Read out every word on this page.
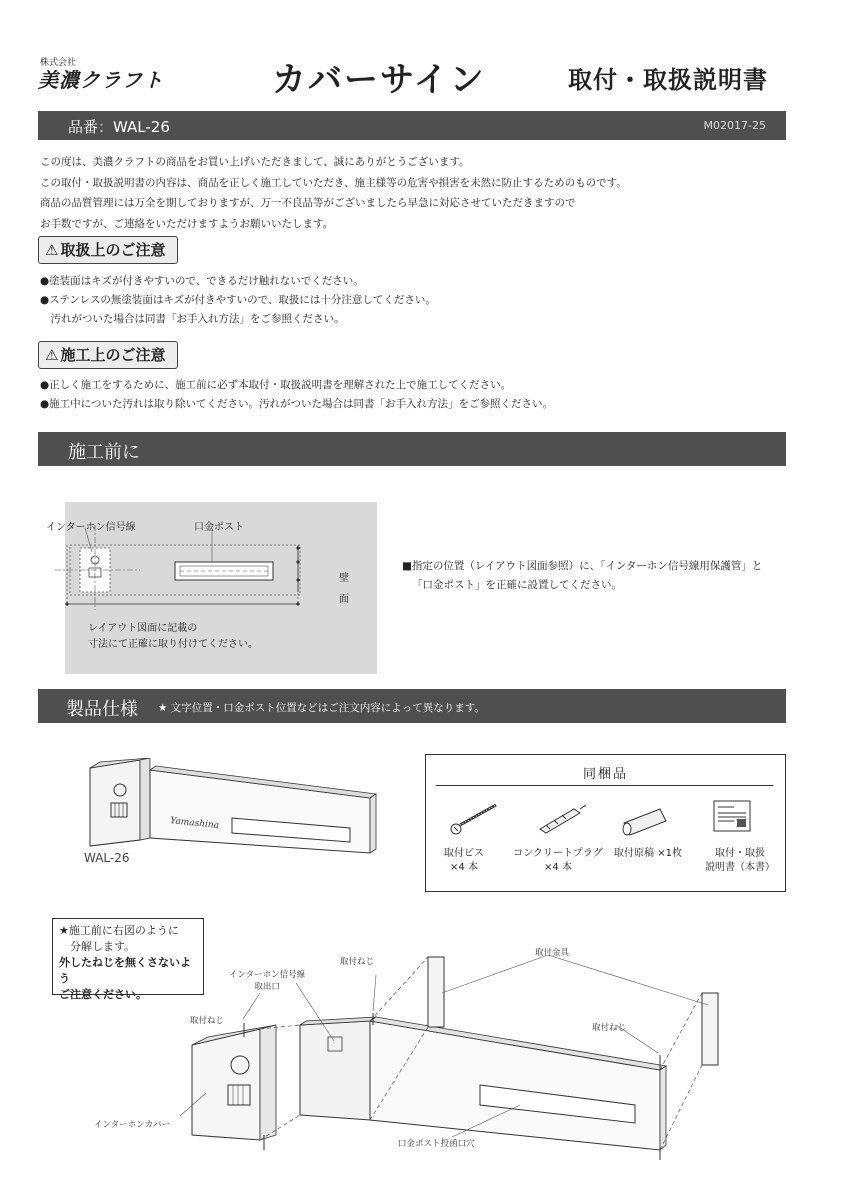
株式会社
美濃クラフト	カバーサイン	取付・取扱説明書
品番：WAL-26	M02017-25
この度は、美濃クラフトの商品をお買い上げいただきまして、誠にありがとうございます。
この取付・取扱説明書の内容は、商品を正しく施工していただき、施主様等の危害や損害を未然に防止するためのものです。
商品の品質管理には万全を期しておりますが、万一不良品等がございましたら早急に対応させていただきますので
お手数ですが、ご連絡をいただけますようお願いいたします。
⚠ 取扱上のご注意
●塗装面はキズが付きやすいので、できるだけ触れないでください。
●ステンレスの無塗装面はキズが付きやすいので、取扱には十分注意してください。
　汚れがついた場合は同書「お手入れ方法」をご参照ください。
⚠ 施工上のご注意
●正しく施工をするために、施工前に必ず本取付・取扱説明書を理解された上で施工してください。
●施工中についた汚れは取り除いてください。汚れがついた場合は同書「お手入れ方法」をご参照ください。
施工前に
インターホン信号線	口金ポスト
壁
面
レイアウト図面に記載の
寸法にて正確に取り付けてください。
■指定の位置（レイアウト図面参照）に、「インターホン信号線用保護管」と
「口金ポスト」を正確に設置してください。
製品仕様 ★ 文字位置・口金ポスト位置などはご注文内容によって異なります。
Yamashina
WAL-26
同梱品
取付ビス
×4 本
コンクリートプラグ
×4 本
取付原稿 ×1枚	取付・取扱
説明書（本書）
★施工前に右図のように
　分解します。
外したねじを無くさないよう
ご注意ください。
インターホン信号線
取出口
取付ねじ
取付金具
取付ねじ
取付ねじ
インターホンカバー
口金ポスト投函口穴
